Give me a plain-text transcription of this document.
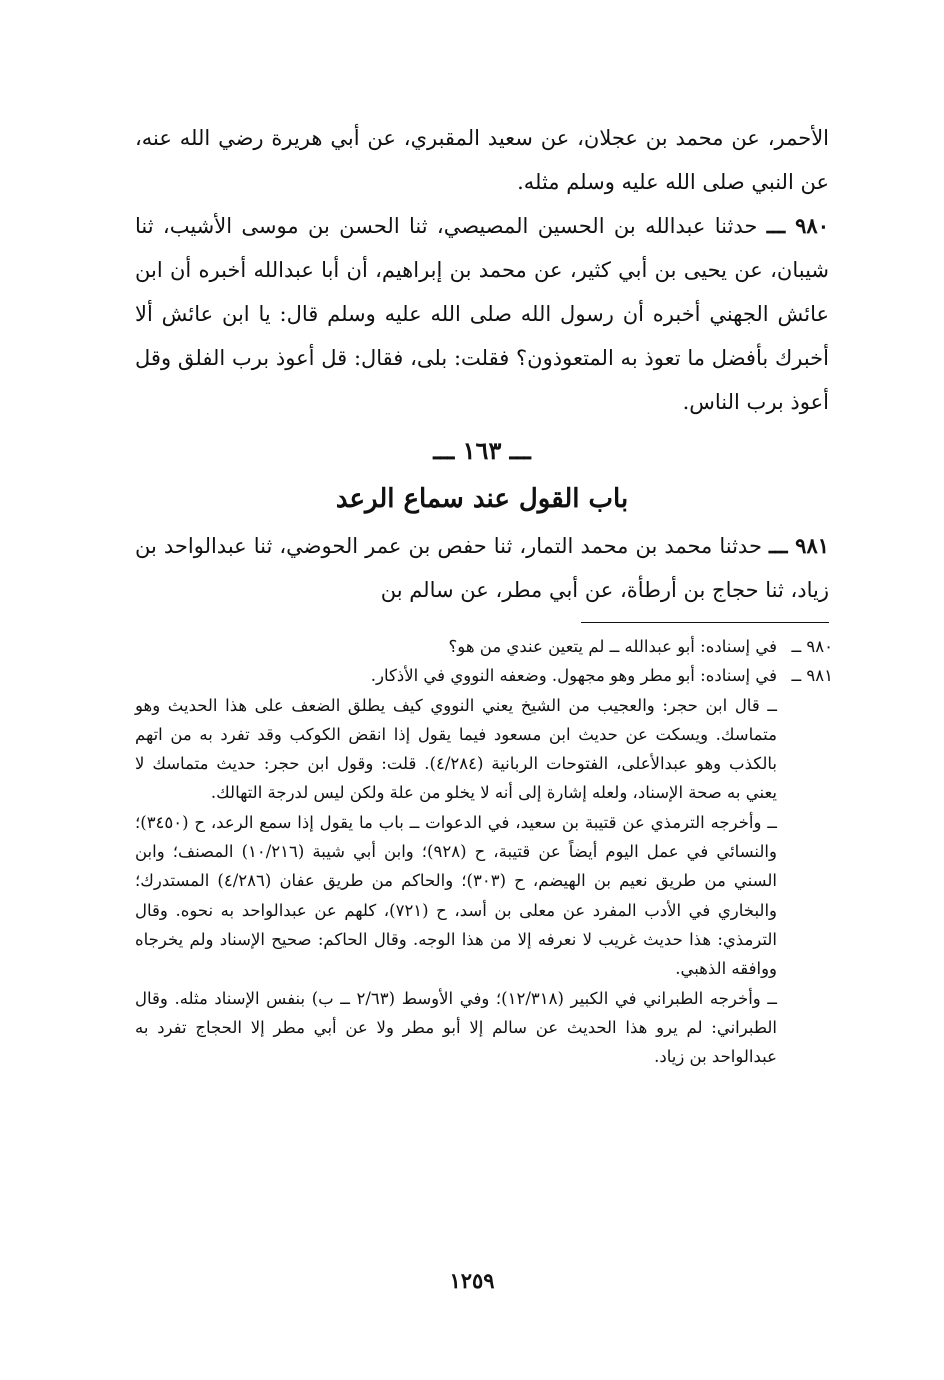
الأحمر، عن محمد بن عجلان، عن سعيد المقبري، عن أبي هريرة رضي الله عنه، عن النبي صلى الله عليه وسلم مثله.

٩٨٠ ـــ حدثنا عبدالله بن الحسين المصيصي، ثنا الحسن بن موسى الأشيب، ثنا شيبان، عن يحيى بن أبي كثير، عن محمد بن إبراهيم، أن أبا عبدالله أخبره أن ابن عائش الجهني أخبره أن رسول الله صلى الله عليه وسلم قال: يا ابن عائش ألا أخبرك بأفضل ما تعوذ به المتعوذون؟ فقلت: بلى، فقال: قل أعوذ برب الفلق وقل أعوذ برب الناس.

ـــ ١٦٣ ـــ
باب القول عند سماع الرعد

٩٨١ ـــ حدثنا محمد بن محمد التمار، ثنا حفص بن عمر الحوضي، ثنا عبدالواحد بن زياد، ثنا حجاج بن أرطأة، عن أبي مطر، عن سالم بن

٩٨٠ ــ
في إسناده: أبو عبدالله ــ لم يتعين عندي من هو؟
٩٨١ ــ
في إسناده: أبو مطر وهو مجهول. وضعفه النووي في الأذكار.

ــ قال ابن حجر: والعجيب من الشيخ يعني النووي كيف يطلق الضعف على هذا الحديث وهو متماسك. ويسكت عن حديث ابن مسعود فيما يقول إذا انقض الكوكب وقد تفرد به من اتهم بالكذب وهو عبدالأعلى، الفتوحات الربانية (٤/٢٨٤). قلت: وقول ابن حجر: حديث متماسك لا يعني به صحة الإسناد، ولعله إشارة إلى أنه لا يخلو من علة ولكن ليس لدرجة التهالك.

ــ وأخرجه الترمذي عن قتيبة بن سعيد، في الدعوات ــ باب ما يقول إذا سمع الرعد، ح (٣٤٥٠)؛ والنسائي في عمل اليوم أيضاً عن قتيبة، ح (٩٢٨)؛ وابن أبي شيبة (١٠/٢١٦) المصنف؛ وابن السني من طريق نعيم بن الهيضم، ح (٣٠٣)؛ والحاكم من طريق عفان (٤/٢٨٦) المستدرك؛ والبخاري في الأدب المفرد عن معلى بن أسد، ح (٧٢١)، كلهم عن عبدالواحد به نحوه. وقال الترمذي: هذا حديث غريب لا نعرفه إلا من هذا الوجه. وقال الحاكم: صحيح الإسناد ولم يخرجاه ووافقه الذهبي.

ــ وأخرجه الطبراني في الكبير (١٢/٣١٨)؛ وفي الأوسط (٢/٦٣ ــ ب) بنفس الإسناد مثله. وقال الطبراني: لم يرو هذا الحديث عن سالم إلا أبو مطر ولا عن أبي مطر إلا الحجاج تفرد به عبدالواحد بن زياد.

١٢٥٩
